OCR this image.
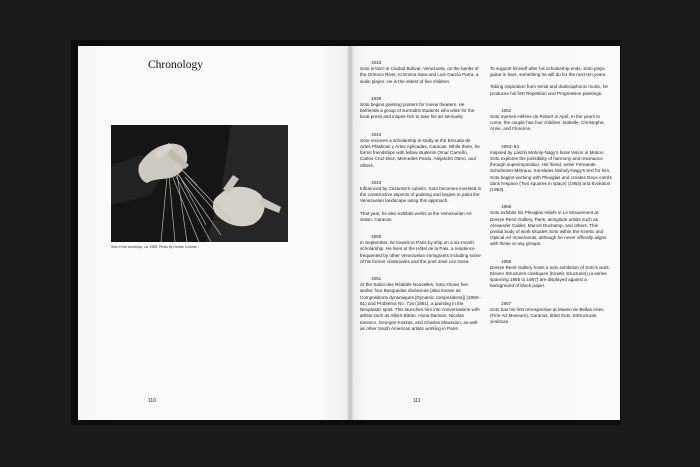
Chronology
Soto in his workshop, ca. 1965. Photo by Denise Colomb
110	111
1923

Soto is born in Ciudad Bolívar, Venezuela, on the banks of the Orinoco River, to Emma Soto and Luis García Parra, a violin player. He is the eldest of five children.

1939

Soto begins painting posters for movie theaters. He befriends a group of surrealist students who write for the local press and inspire him to take his art seriously.

1942

Soto receives a scholarship to study at the Escuela de Artes Plásticas y Artes Aplicadas, Caracas. While there, he forms friendships with fellow students Omar Carreño, Carlos Cruz-Diez, Mercedes Pardo, Alejandro Otero, and others.

1943

Influenced by Cézanne's cubism, Soto becomes invested in the constructive aspects of painting and begins to paint the Venezuelan landscape using this approach.

That year, he also exhibits works at the Venezuelan Art Salon, Caracas.

1950

In September, he travels to Paris by ship on a six-month scholarship. He lives at the Hôtel de la Paix, a residence frequented by other Venezuelan immigrants including some of his former classmates and the poet José Lira Sosa.

1951

At the Salon des Réalités Nouvelles, Soto shows five works: four Busquedas dinámicas (also known as Compositions dynamiques [Dynamic compositions]) (1950–51) and Problema No. 716 (1951), a painting in the Neoplastic spirit. This launches him into conversations with artists such as Albert Bitran, Horia Damian, Nicolas Ionesco, Georges Koskas, and Charles Maussion, as well as other South American artists working in Paris.

To support himself after his scholarship ends, Soto plays guitar in bars, something he will do for the next ten years.

Taking inspiration from serial and dodecaphonic music, he produces his first Repetition and Progression paintings.

1952

Soto marries Hélène de Robert in April. In the years to come, the couple has four children: Isabelle, Christophe, Anne, and Florence.

1953–54

Inspired by László Moholy-Nagy's book Vision in Motion, Soto explores the possibility of harmony and resonance through superimposition. His friend, writer Fernande Schulmann-Métraux, translates Moholy-Nagy's text for him. Soto begins working with Plexiglas and creates Deux carrés dans l'espace (Two squares in space) (1953) and Evolution (1953).

1955

Soto exhibits his Plexiglas reliefs in Le Mouvement at Denise René Gallery, Paris, alongside artists such as Alexander Calder, Marcel Duchamp, and others. This pivotal body of work situates Soto within the Kinetic and Optical Art movements, although he never officially aligns with these or any groups.

1956

Denise René Gallery hosts a solo exhibition of Soto's work. Eleven Structures cinétiques (Kinetic structures) (a series spanning 1955 to 1957) are displayed against a background of black paper.

1957

Soto has his first retrospective at Museo de Bellas Artes (Fine Art Museum), Caracas, titled Soto. Estructuras cinéticas.
